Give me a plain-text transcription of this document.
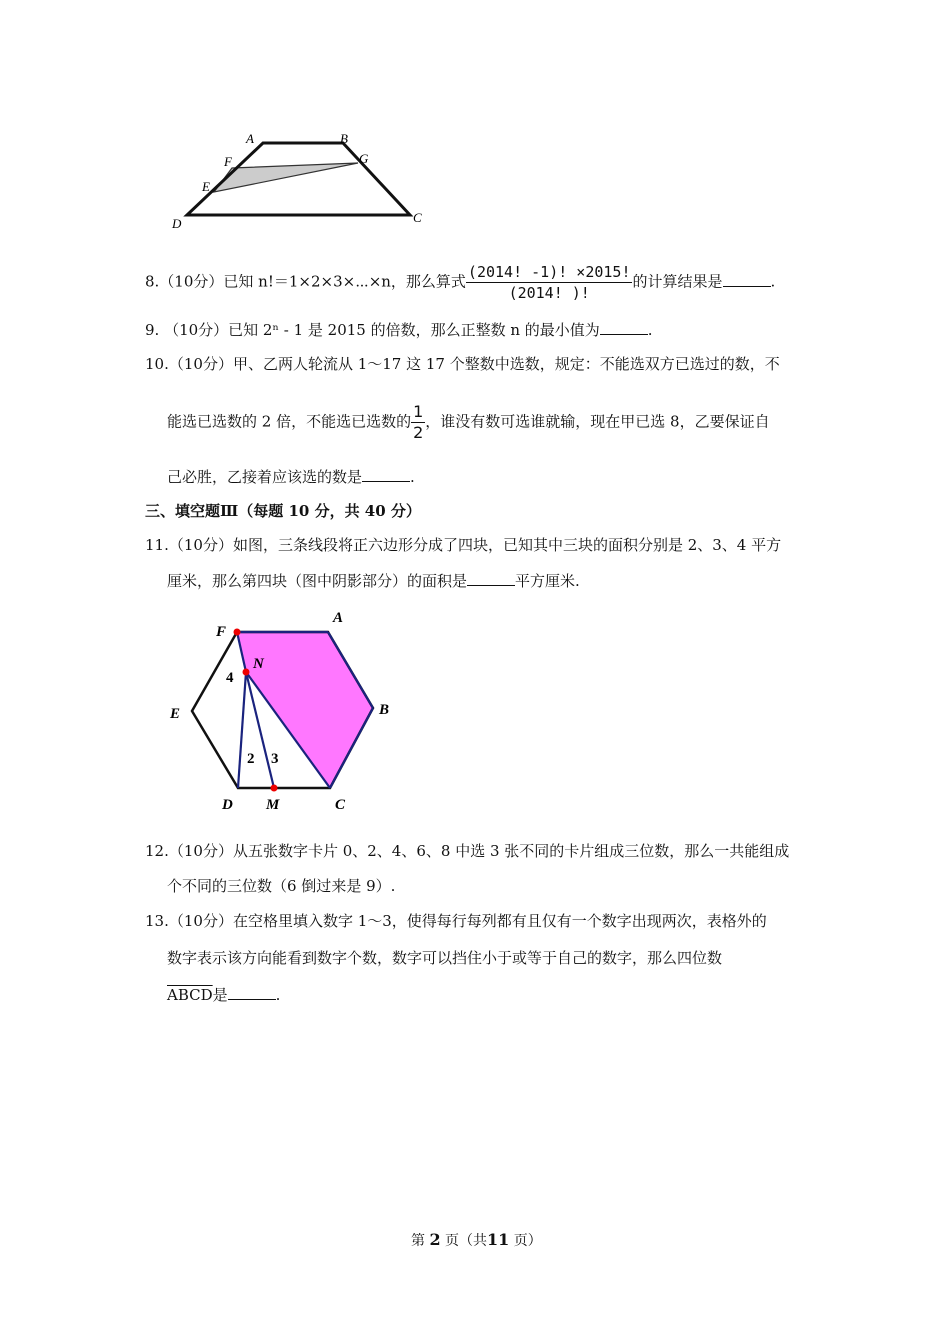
A	B
F	G
E
D	C
F
A
N
4
E	B
2 3
D M	C
8.（10分）已知 n!＝1×2×3×⋯×n，那么算式 $\frac{(2014! -1)! \times 2015!}{(2014! )!}$ 的计算结果是	.
9. （10分）已知 2ⁿ - 1 是 2015 的倍数，那么正整数 n 的最小值为	.
10.（10分）甲、乙两人轮流从 1～17 这 17 个整数中选数，规定：不能选双方已选过的数，不
能选已选数的 2 倍，不能选已选数的 $\frac{1}{2}$ ，谁没有数可选谁就输，现在甲已选 8，乙要保证自
己必胜，乙接着应该选的数是	.
三、填空题Ⅲ（每题 10 分，共 40 分）
11.（10分）如图，三条线段将正六边形分成了四块，已知其中三块的面积分别是 2、3、4 平方
厘米，那么第四块（图中阴影部分）的面积是	平方厘米.
12.（10分）从五张数字卡片 0、2、4、6、8 中选 3 张不同的卡片组成三位数，那么一共能组成
个不同的三位数（6 倒过来是 9）.
13.（10分）在空格里填入数字 1～3，使得每行每列都有且仅有一个数字出现两次，表格外的
数字表示该方向能看到数字个数，数字可以挡住小于或等于自己的数字，那么四位数
ABCD是	.
第 2 页（共11 页）
